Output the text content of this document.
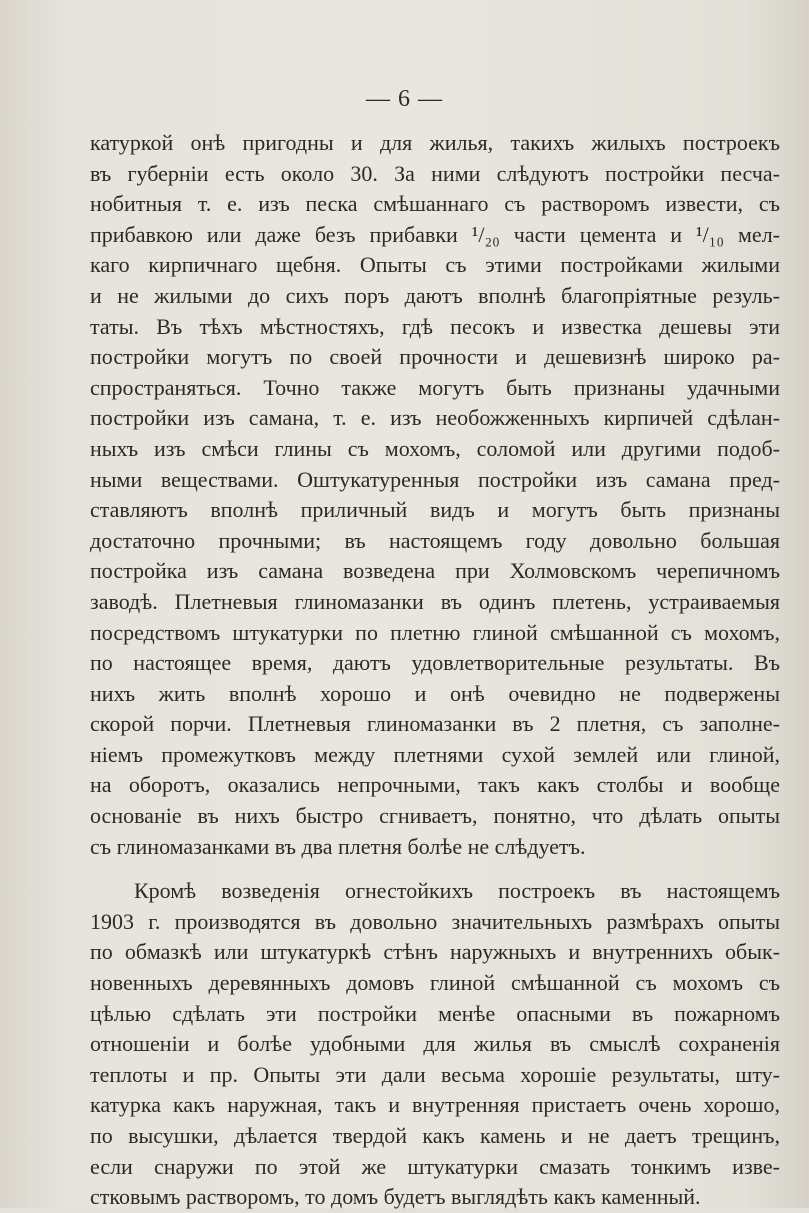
— 6 —
катуркой онѣ пригодны и для жилья, такихъ жилыхъ построекъ
въ губерніи есть около 30. За ними слѣдуютъ постройки песча-
нобитныя т. е. изъ песка смѣшаннаго съ растворомъ извести, съ
прибавкою или даже безъ прибавки ¹/₂₀ части цемента и ¹/₁₀ мел-
каго кирпичнаго щебня. Опыты съ этими постройками жилыми
и не жилыми до сихъ поръ даютъ вполнѣ благопріятные резуль-
таты. Въ тѣхъ мѣстностяхъ, гдѣ песокъ и известка дешевы эти
постройки могутъ по своей прочности и дешевизнѣ широко ра-
спространяться. Точно также могутъ быть признаны удачными
постройки изъ самана, т. е. изъ необожженныхъ кирпичей сдѣлан-
ныхъ изъ смѣси глины съ мохомъ, соломой или другими подоб-
ными веществами. Оштукатуренныя постройки изъ самана пред-
ставляютъ вполнѣ приличный видъ и могутъ быть признаны
достаточно прочными; въ настоящемъ году довольно большая
постройка изъ самана возведена при Холмовскомъ черепичномъ
заводѣ. Плетневыя глиномазанки въ одинъ плетень, устраиваемыя
посредствомъ штукатурки по плетню глиной смѣшанной съ мохомъ,
по настоящее время, даютъ удовлетворительные результаты. Въ
нихъ жить вполнѣ хорошо и онѣ очевидно не подвержены
скорой порчи. Плетневыя глиномазанки въ 2 плетня, съ заполне-
ніемъ промежутковъ между плетнями сухой землей или глиной,
на оборотъ, оказались непрочными, такъ какъ столбы и вообще
основаніе въ нихъ быстро сгниваетъ, понятно, что дѣлать опыты
съ глиномазанками въ два плетня болѣе не слѣдуетъ.
Кромѣ возведенія огнестойкихъ построекъ въ настоящемъ
1903 г. производятся въ довольно значительныхъ размѣрахъ опыты
по обмазкѣ или штукатуркѣ стѣнъ наружныхъ и внутреннихъ обык-
новенныхъ деревянныхъ домовъ глиной смѣшанной съ мохомъ съ
цѣлью сдѣлать эти постройки менѣе опасными въ пожарномъ
отношеніи и болѣе удобными для жилья въ смыслѣ сохраненія
теплоты и пр. Опыты эти дали весьма хорошіе результаты, шту-
катурка какъ наружная, такъ и внутренняя пристаетъ очень хорошо,
по высушки, дѣлается твердой какъ камень и не даетъ трещинъ,
если снаружи по этой же штукатурки смазать тонкимъ изве-
стковымъ растворомъ, то домъ будетъ выглядѣть какъ каменный.
